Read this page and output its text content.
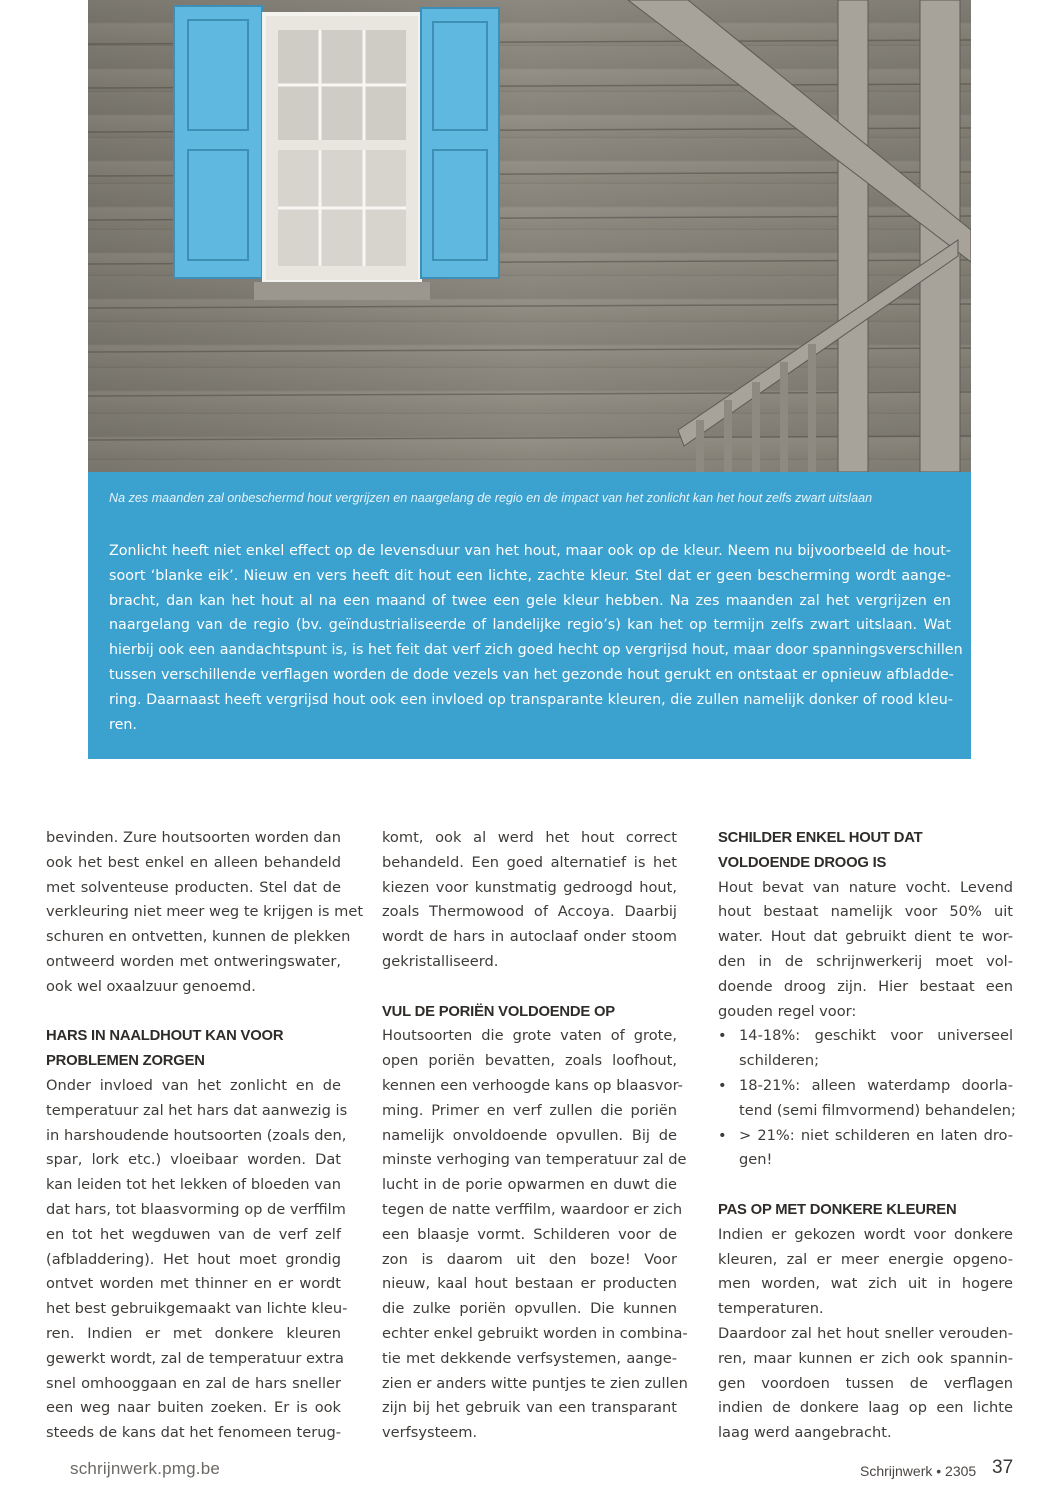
Na zes maanden zal onbeschermd hout vergrijzen en naargelang de regio en de impact van het zonlicht kan het hout zelfs zwart uitslaan
Zonlicht heeft niet enkel effect op de levensduur van het hout, maar ook op de kleur. Neem nu bijvoorbeeld de hout-
soort ‘blanke eik’. Nieuw en vers heeft dit hout een lichte, zachte kleur. Stel dat er geen bescherming wordt aange-
bracht, dan kan het hout al na een maand of twee een gele kleur hebben. Na zes maanden zal het vergrijzen en
naargelang van de regio (bv. geïndustrialiseerde of landelijke regio’s) kan het op termijn zelfs zwart uitslaan. Wat
hierbij ook een aandachtspunt is, is het feit dat verf zich goed hecht op vergrijsd hout, maar door spanningsverschillen
tussen verschillende verflagen worden de dode vezels van het gezonde hout gerukt en ontstaat er opnieuw afbladde-
ring. Daarnaast heeft vergrijsd hout ook een invloed op transparante kleuren, die zullen namelijk donker of rood kleu-
ren.
bevinden. Zure houtsoorten worden dan
ook het best enkel en alleen behandeld
met solventeuse producten. Stel dat de
verkleuring niet meer weg te krijgen is met
schuren en ontvetten, kunnen de plekken
ontweerd worden met ontweringswater,
ook wel oxaalzuur genoemd.
HARS IN NAALDHOUT KAN VOOR
PROBLEMEN ZORGEN
Onder invloed van het zonlicht en de
temperatuur zal het hars dat aanwezig is
in harshoudende houtsoorten (zoals den,
spar, lork etc.) vloeibaar worden. Dat
kan leiden tot het lekken of bloeden van
dat hars, tot blaasvorming op de verffilm
en tot het wegduwen van de verf zelf
(afbladdering). Het hout moet grondig
ontvet worden met thinner en er wordt
het best gebruikgemaakt van lichte kleu-
ren. Indien er met donkere kleuren
gewerkt wordt, zal de temperatuur extra
snel omhooggaan en zal de hars sneller
een weg naar buiten zoeken. Er is ook
steeds de kans dat het fenomeen terug-
komt, ook al werd het hout correct
behandeld. Een goed alternatief is het
kiezen voor kunstmatig gedroogd hout,
zoals Thermowood of Accoya. Daarbij
wordt de hars in autoclaaf onder stoom
gekristalliseerd.
VUL DE PORIËN VOLDOENDE OP
Houtsoorten die grote vaten of grote,
open poriën bevatten, zoals loofhout,
kennen een verhoogde kans op blaasvor-
ming. Primer en verf zullen die poriën
namelijk onvoldoende opvullen. Bij de
minste verhoging van temperatuur zal de
lucht in de porie opwarmen en duwt die
tegen de natte verffilm, waardoor er zich
een blaasje vormt. Schilderen voor de
zon is daarom uit den boze! Voor
nieuw, kaal hout bestaan er producten
die zulke poriën opvullen. Die kunnen
echter enkel gebruikt worden in combina-
tie met dekkende verfsystemen, aange-
zien er anders witte puntjes te zien zullen
zijn bij het gebruik van een transparant
verfsysteem.
SCHILDER ENKEL HOUT DAT
VOLDOENDE DROOG IS
Hout bevat van nature vocht. Levend
hout bestaat namelijk voor 50% uit
water. Hout dat gebruikt dient te wor-
den in de schrijnwerkerij moet vol-
doende droog zijn. Hier bestaat een
gouden regel voor:
• 14-18%: geschikt voor universeel
schilderen;
• 18-21%: alleen waterdamp doorla-
tend (semi filmvormend) behandelen;
• > 21%: niet schilderen en laten dro-
gen!
PAS OP MET DONKERE KLEUREN
Indien er gekozen wordt voor donkere
kleuren, zal er meer energie opgeno-
men worden, wat zich uit in hogere
temperaturen.
Daardoor zal het hout sneller verouden-
ren, maar kunnen er zich ook spannin-
gen voordoen tussen de verflagen
indien de donkere laag op een lichte
laag werd aangebracht.
schrijnwerk.pmg.be	Schrijnwerk • 2305 37
